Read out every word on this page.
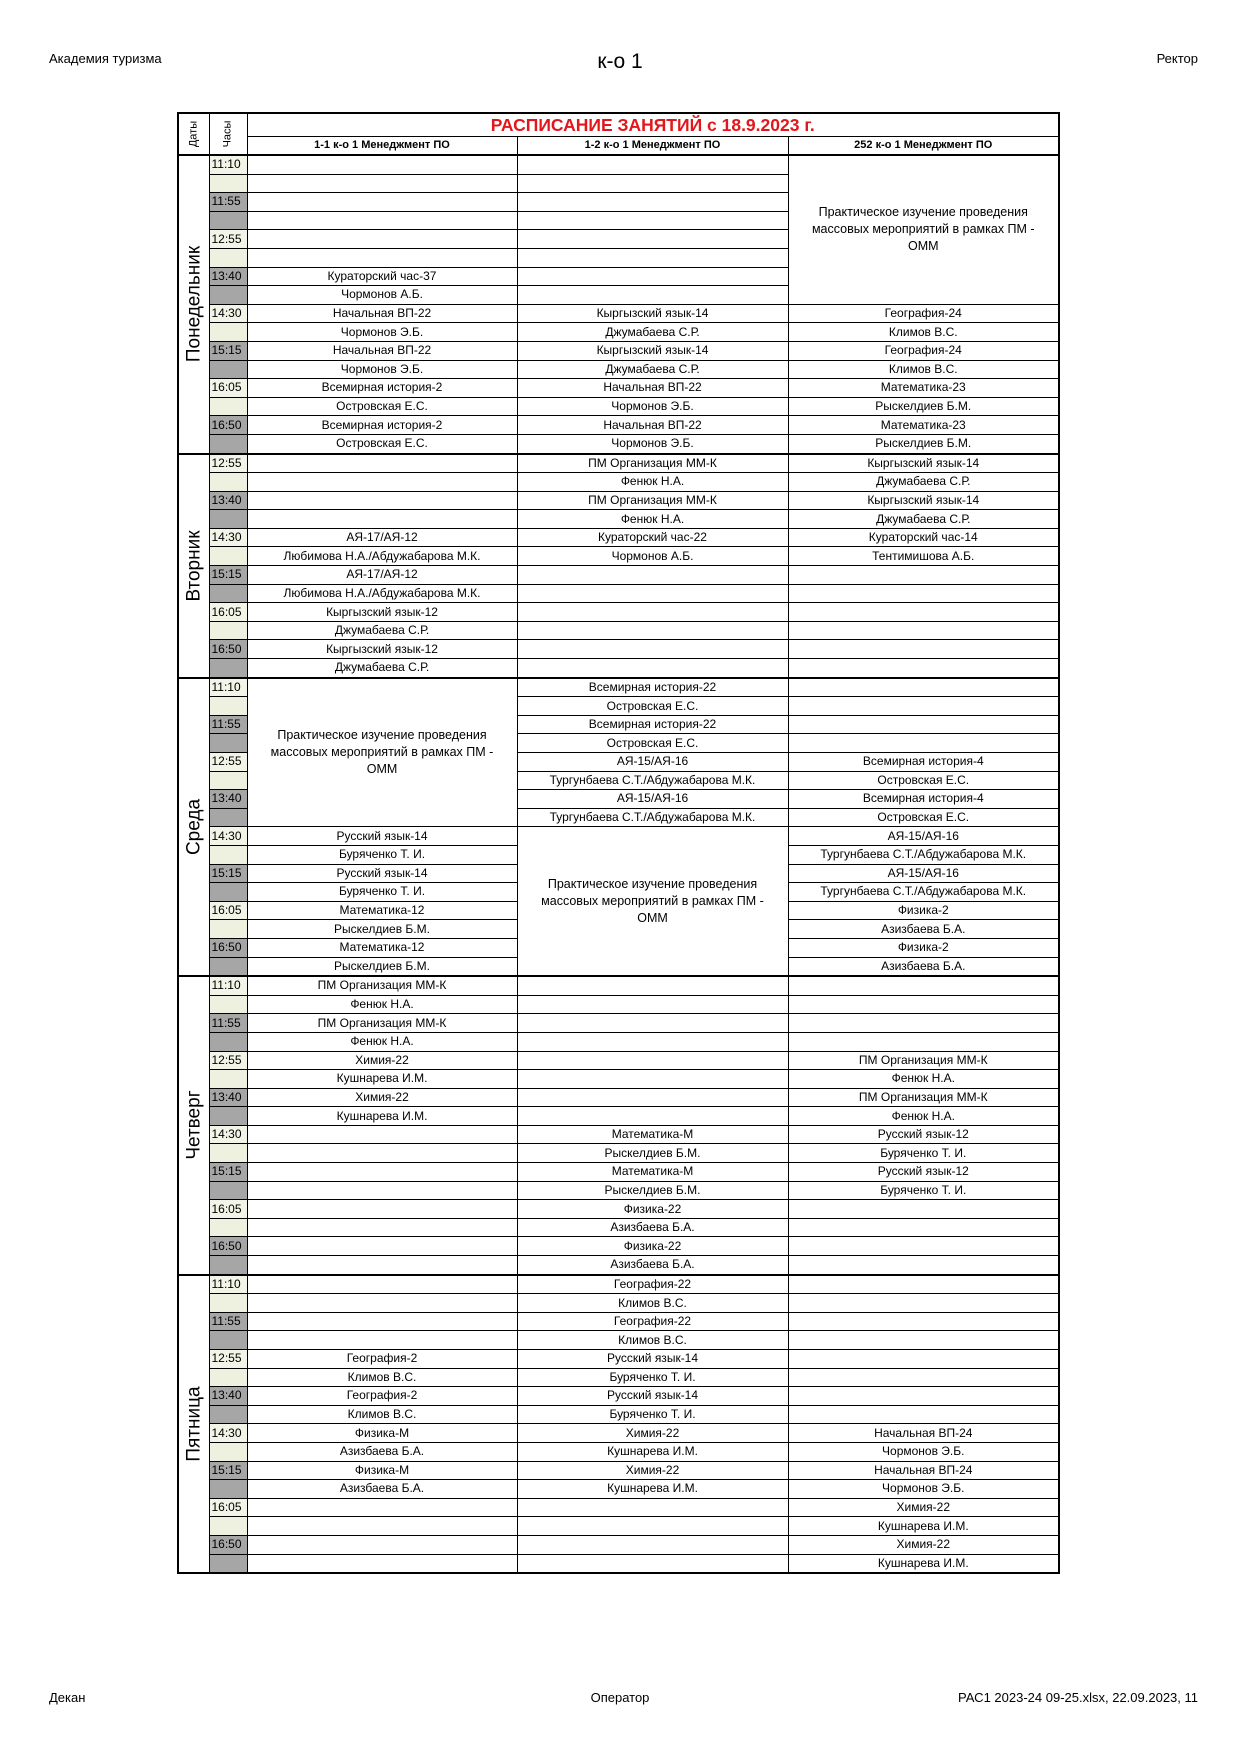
Академия туризма	к-о 1	Ректор
Даты	Часы	РАСПИСАНИЕ ЗАНЯТИЙ с 18.9.2023 г.		
		1-1 к-о 1 Менеджмент ПО	1-2 к-о 1 Менеджмент ПО	252 к-о 1 Менеджмент ПО

Понедельник	11:10			Практическое изучение проведения массовых мероприятий в рамках ПМ - ОММ

	11:55			

	12:55			

	13:40	Кураторский час-37		
		Чормонов А.Б.		
	14:30	Начальная ВП-22	Кыргызский язык-14	География-24
		Чормонов Э.Б.	Джумабаева С.Р.	Климов В.С.
	15:15	Начальная ВП-22	Кыргызский язык-14	География-24
		Чормонов Э.Б.	Джумабаева С.Р.	Климов В.С.
	16:05	Всемирная история-2	Начальная ВП-22	Математика-23
		Островская Е.С.	Чормонов Э.Б.	Рыскелдиев Б.М.
	16:50	Всемирная история-2	Начальная ВП-22	Математика-23
		Островская Е.С.	Чормонов Э.Б.	Рыскелдиев Б.М.

Вторник	12:55		ПМ Организация ММ-К	Кыргызский язык-14
			Фенюк Н.А.	Джумабаева С.Р.
	13:40		ПМ Организация ММ-К	Кыргызский язык-14
			Фенюк Н.А.	Джумабаева С.Р.
	14:30	АЯ-17/АЯ-12	Кураторский час-22	Кураторский час-14
		Любимова Н.А./Абдужабарова М.К.	Чормонов А.Б.	Тентимишова А.Б.
	15:15	АЯ-17/АЯ-12		
		Любимова Н.А./Абдужабарова М.К.		
	16:05	Кыргызский язык-12		
		Джумабаева С.Р.		
	16:50	Кыргызский язык-12		
		Джумабаева С.Р.		

Среда	11:10	Практическое изучение проведения массовых мероприятий в рамках ПМ - ОММ	Всемирная история-22	
			Островская Е.С.	
	11:55		Всемирная история-22	
			Островская Е.С.	
	12:55		АЯ-15/АЯ-16	Всемирная история-4
			Тургунбаева С.Т./Абдужабарова М.К.	Островская Е.С.
	13:40		АЯ-15/АЯ-16	Всемирная история-4
			Тургунбаева С.Т./Абдужабарова М.К.	Островская Е.С.
	14:30	Русский язык-14	Практическое изучение проведения массовых мероприятий в рамках ПМ - ОММ	АЯ-15/АЯ-16
		Буряченко Т. И.		Тургунбаева С.Т./Абдужабарова М.К.
	15:15	Русский язык-14		АЯ-15/АЯ-16
		Буряченко Т. И.		Тургунбаева С.Т./Абдужабарова М.К.
	16:05	Математика-12		Физика-2
		Рыскелдиев Б.М.		Азизбаева Б.А.
	16:50	Математика-12		Физика-2
		Рыскелдиев Б.М.		Азизбаева Б.А.

Четверг	11:10	ПМ Организация ММ-К		
		Фенюк Н.А.		
	11:55	ПМ Организация ММ-К		
		Фенюк Н.А.		
	12:55	Химия-22		ПМ Организация ММ-К
		Кушнарева И.М.		Фенюк Н.А.
	13:40	Химия-22		ПМ Организация ММ-К
		Кушнарева И.М.		Фенюк Н.А.
	14:30		Математика-М	Русский язык-12
			Рыскелдиев Б.М.	Буряченко Т. И.
	15:15		Математика-М	Русский язык-12
			Рыскелдиев Б.М.	Буряченко Т. И.
	16:05		Физика-22	
			Азизбаева Б.А.	
	16:50		Физика-22	
			Азизбаева Б.А.	

Пятница	11:10		География-22	
			Климов В.С.	
	11:55		География-22	
			Климов В.С.	
	12:55	География-2	Русский язык-14	
		Климов В.С.	Буряченко Т. И.	
	13:40	География-2	Русский язык-14	
		Климов В.С.	Буряченко Т. И.	
	14:30	Физика-М	Химия-22	Начальная ВП-24
		Азизбаева Б.А.	Кушнарева И.М.	Чормонов Э.Б.
	15:15	Физика-М	Химия-22	Начальная ВП-24
		Азизбаева Б.А.	Кушнарева И.М.	Чормонов Э.Б.
	16:05			Химия-22
				Кушнарева И.М.
	16:50			Химия-22
				Кушнарева И.М.
Декан	Оператор	РАС1 2023-24 09-25.xlsx, 22.09.2023, 11
